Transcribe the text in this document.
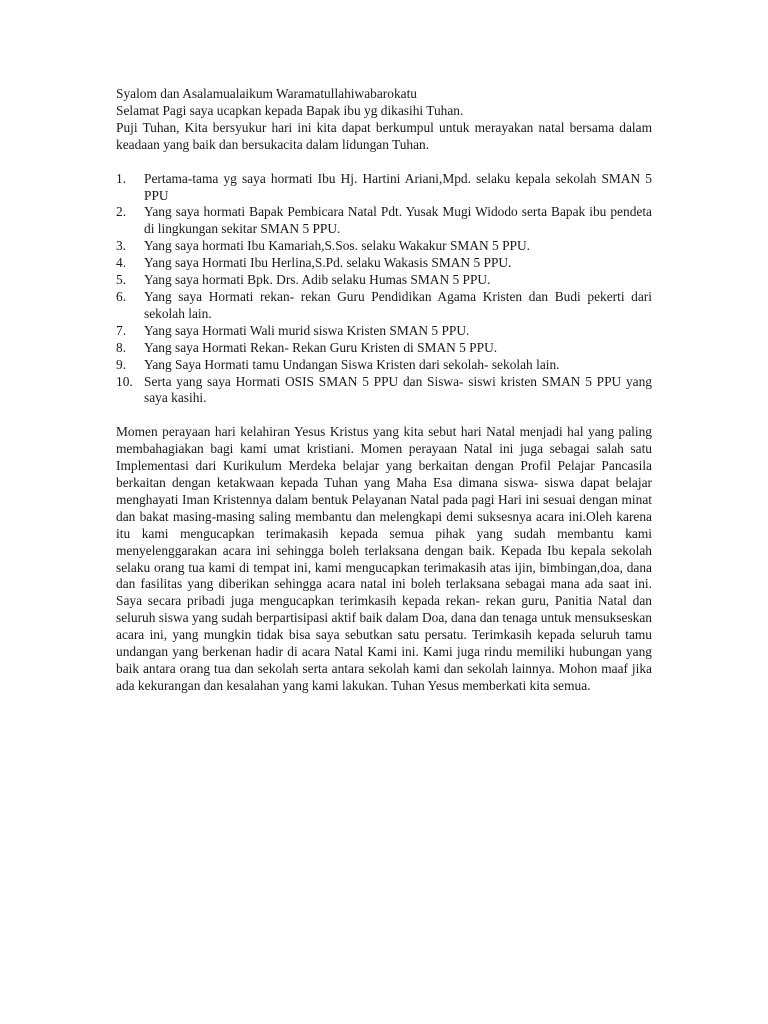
Syalom dan Asalamualaikum Waramatullahiwabarokatu

Selamat Pagi saya ucapkan kepada Bapak ibu yg dikasihi Tuhan.

Puji Tuhan, Kita bersyukur hari ini kita dapat berkumpul untuk merayakan natal bersama dalam keadaan yang baik dan bersukacita dalam lidungan Tuhan.

1. Pertama-tama yg saya hormati Ibu Hj. Hartini Ariani,Mpd. selaku kepala sekolah SMAN 5 PPU
2. Yang saya hormati Bapak Pembicara Natal Pdt. Yusak Mugi Widodo serta Bapak ibu pendeta di lingkungan sekitar SMAN 5 PPU.
3. Yang saya hormati Ibu Kamariah,S.Sos. selaku Wakakur SMAN 5 PPU.
4. Yang saya Hormati Ibu Herlina,S.Pd. selaku Wakasis SMAN 5 PPU.
5. Yang saya hormati Bpk. Drs. Adib selaku Humas SMAN 5 PPU.
6. Yang saya Hormati rekan- rekan Guru Pendidikan Agama Kristen dan Budi pekerti dari sekolah lain.
7. Yang saya Hormati Wali murid siswa Kristen SMAN 5 PPU.
8. Yang saya Hormati Rekan- Rekan Guru Kristen di SMAN 5 PPU.
9. Yang Saya Hormati tamu Undangan Siswa Kristen dari sekolah- sekolah lain.
10. Serta yang saya Hormati OSIS SMAN 5 PPU dan Siswa- siswi kristen SMAN 5 PPU yang saya kasihi.

Momen perayaan hari kelahiran Yesus Kristus yang kita sebut hari Natal menjadi hal yang paling membahagiakan bagi kami umat kristiani. Momen perayaan Natal ini juga sebagai salah satu Implementasi dari Kurikulum Merdeka belajar yang berkaitan dengan Profil Pelajar Pancasila berkaitan dengan ketakwaan kepada Tuhan yang Maha Esa dimana siswa- siswa dapat belajar menghayati Iman Kristennya dalam bentuk Pelayanan Natal pada pagi Hari ini sesuai dengan minat dan bakat masing-masing saling membantu dan melengkapi demi suksesnya acara ini.Oleh karena itu kami mengucapkan terimakasih kepada semua pihak yang sudah membantu kami menyelenggarakan acara ini sehingga boleh terlaksana dengan baik. Kepada Ibu kepala sekolah selaku orang tua kami di tempat ini, kami mengucapkan terimakasih atas ijin, bimbingan,doa, dana dan fasilitas yang diberikan sehingga acara natal ini boleh terlaksana sebagai mana ada saat ini. Saya secara pribadi juga mengucapkan terimkasih kepada rekan- rekan guru, Panitia Natal dan seluruh siswa yang sudah berpartisipasi aktif baik dalam Doa, dana dan tenaga untuk mensukseskan acara ini, yang mungkin tidak bisa saya sebutkan satu persatu. Terimkasih kepada seluruh tamu undangan yang berkenan hadir di acara Natal Kami ini. Kami juga rindu memiliki hubungan yang baik antara orang tua dan sekolah serta antara sekolah kami dan sekolah lainnya. Mohon maaf jika ada kekurangan dan kesalahan yang kami lakukan. Tuhan Yesus memberkati kita semua.
